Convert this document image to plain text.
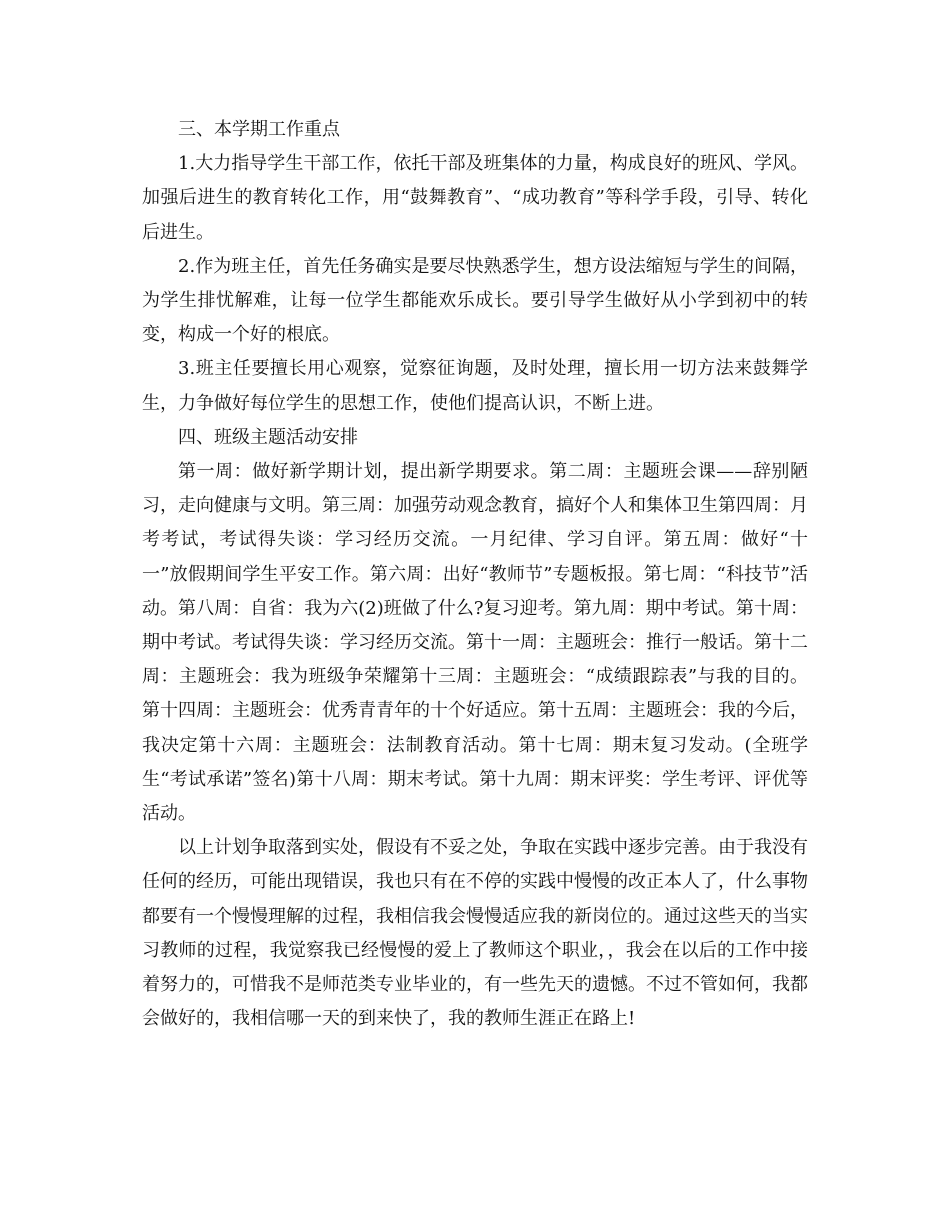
三、本学期工作重点

1.大力指导学生干部工作，依托干部及班集体的力量，构成良好的班风、学风。加强后进生的教育转化工作，用“鼓舞教育”、“成功教育”等科学手段，引导、转化后进生。

2.作为班主任，首先任务确实是要尽快熟悉学生，想方设法缩短与学生的间隔，为学生排忧解难，让每一位学生都能欢乐成长。要引导学生做好从小学到初中的转变，构成一个好的根底。

3.班主任要擅长用心观察，觉察征询题，及时处理，擅长用一切方法来鼓舞学生，力争做好每位学生的思想工作，使他们提高认识，不断上进。

四、班级主题活动安排

第一周：做好新学期计划，提出新学期要求。第二周：主题班会课——辞别陋习，走向健康与文明。第三周：加强劳动观念教育，搞好个人和集体卫生第四周：月考考试，考试得失谈：学习经历交流。一月纪律、学习自评。第五周：做好“十一”放假期间学生平安工作。第六周：出好“教师节”专题板报。第七周：“科技节”活动。第八周：自省：我为六(2)班做了什么?复习迎考。第九周：期中考试。第十周：期中考试。考试得失谈：学习经历交流。第十一周：主题班会：推行一般话。第十二周：主题班会：我为班级争荣耀第十三周：主题班会：“成绩跟踪表”与我的目的。第十四周：主题班会：优秀青青年的十个好适应。第十五周：主题班会：我的今后，我决定第十六周：主题班会：法制教育活动。第十七周：期末复习发动。(全班学生“考试承诺”签名)第十八周：期末考试。第十九周：期末评奖：学生考评、评优等活动。

以上计划争取落到实处，假设有不妥之处，争取在实践中逐步完善。由于我没有任何的经历，可能出现错误，我也只有在不停的实践中慢慢的改正本人了，什么事物都要有一个慢慢理解的过程，我相信我会慢慢适应我的新岗位的。通过这些天的当实习教师的过程，我觉察我已经慢慢的爱上了教师这个职业，，我会在以后的工作中接着努力的，可惜我不是师范类专业毕业的，有一些先天的遗憾。不过不管如何，我都会做好的，我相信哪一天的到来快了，我的教师生涯正在路上!
